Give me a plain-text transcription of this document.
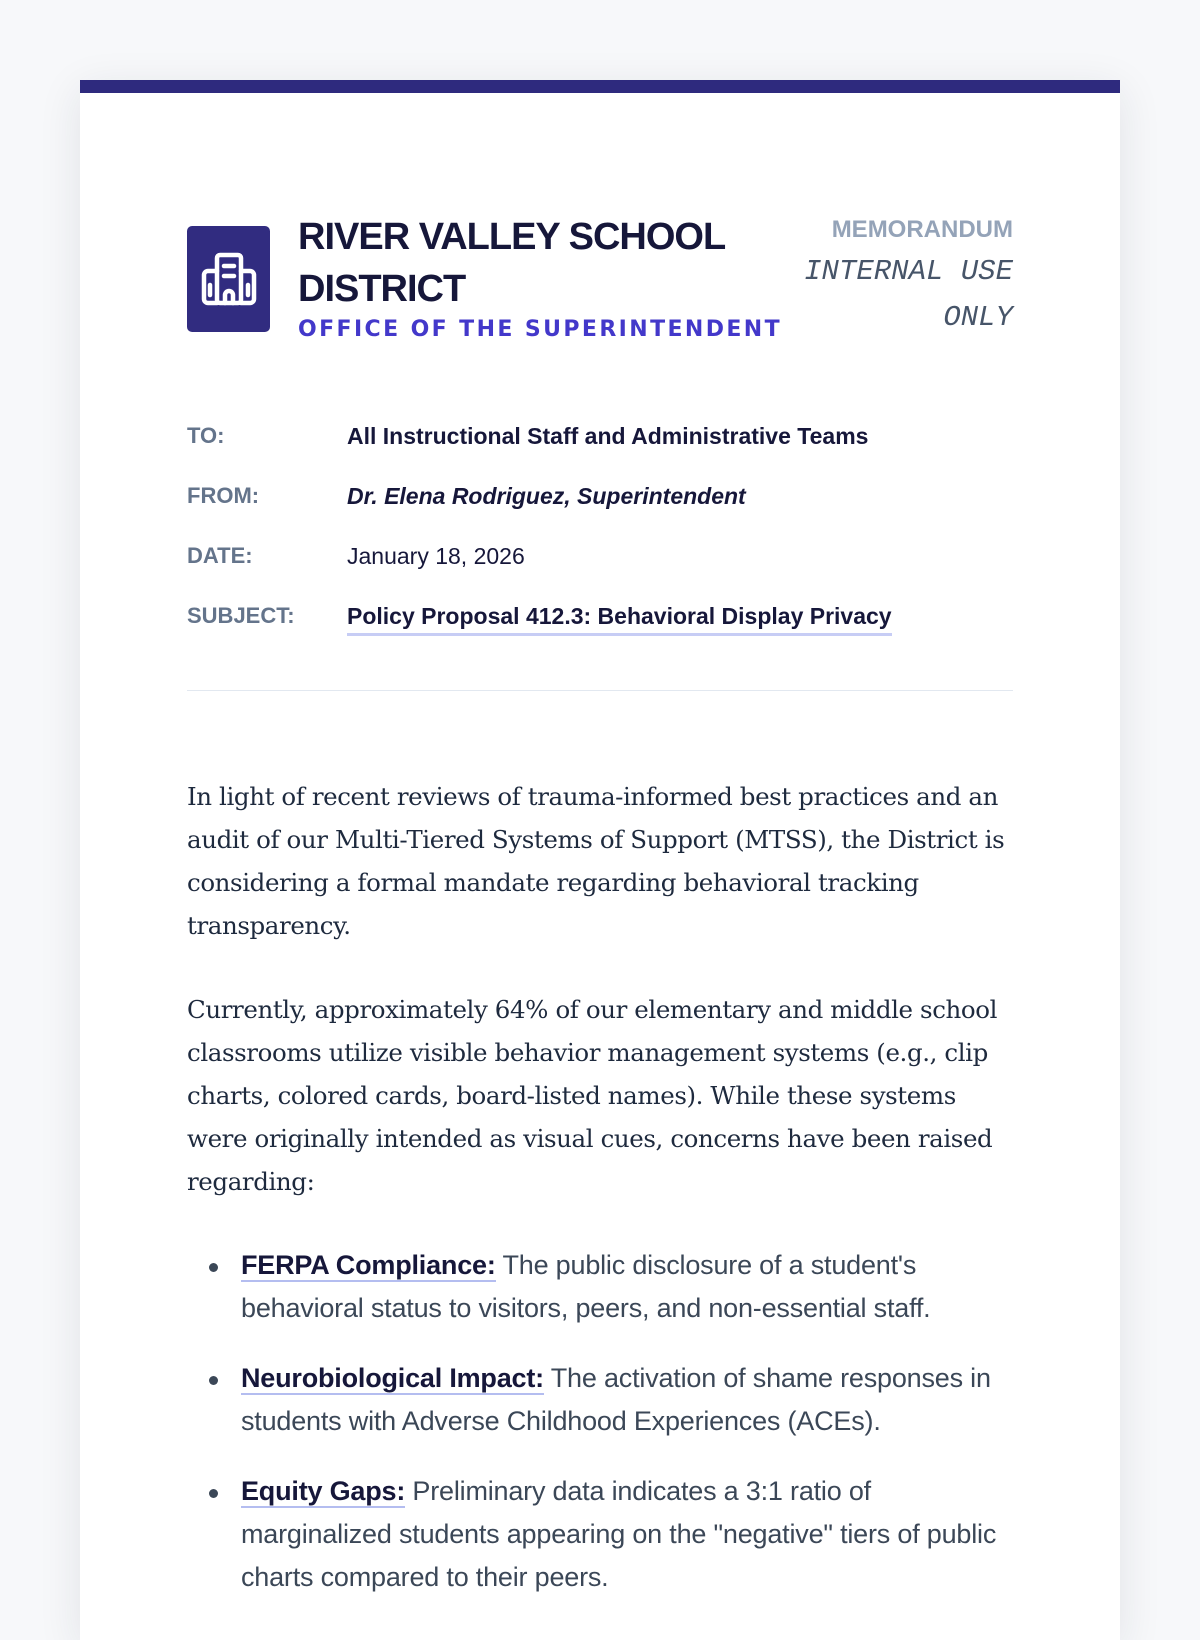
RIVER VALLEY SCHOOL DISTRICT
OFFICE OF THE SUPERINTENDENT
MEMORANDUM
INTERNAL USE ONLY
TO:	All Instructional Staff and Administrative Teams
FROM:	Dr. Elena Rodriguez, Superintendent
DATE:	January 18, 2026
SUBJECT:	Policy Proposal 412.3: Behavioral Display Privacy

In light of recent reviews of trauma-informed best practices and an audit of our Multi-Tiered Systems of Support (MTSS), the District is considering a formal mandate regarding behavioral tracking transparency.

Currently, approximately 64% of our elementary and middle school classrooms utilize visible behavior management systems (e.g., clip charts, colored cards, board-listed names). While these systems were originally intended as visual cues, concerns have been raised regarding:

FERPA Compliance: The public disclosure of a student's behavioral status to visitors, peers, and non-essential staff.
Neurobiological Impact: The activation of shame responses in students with Adverse Childhood Experiences (ACEs).
Equity Gaps: Preliminary data indicates a 3:1 ratio of marginalized students appearing on the "negative" tiers of public charts compared to their peers.
